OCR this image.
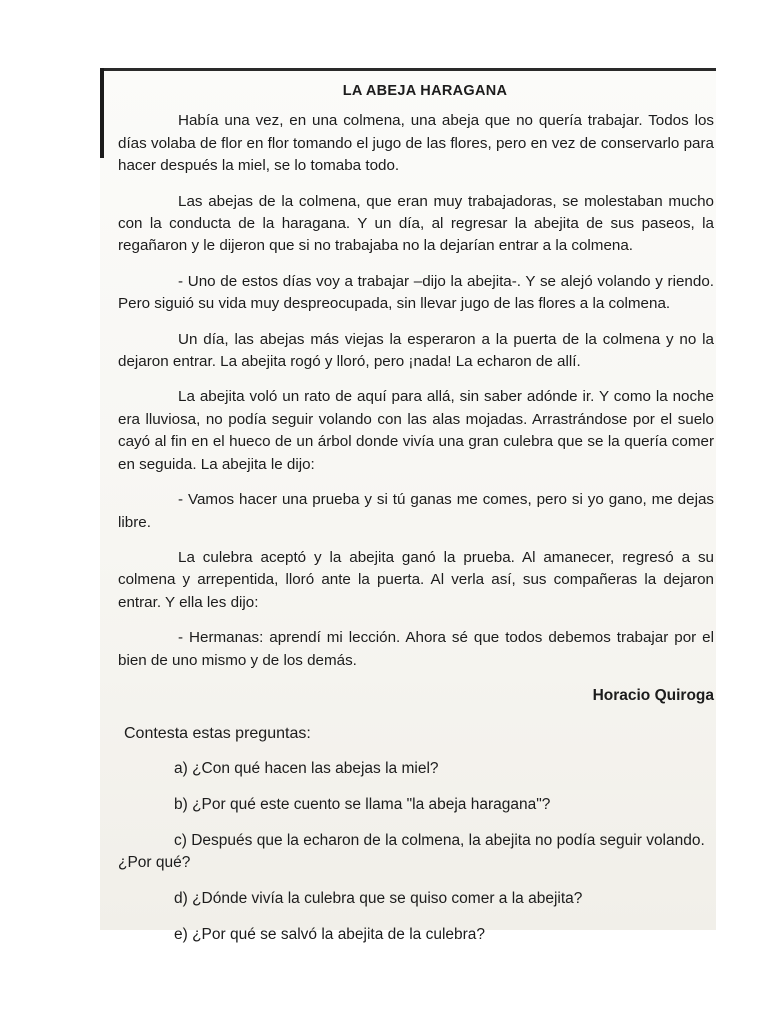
LA ABEJA HARAGANA

Había una vez, en una colmena, una abeja que no quería trabajar. Todos los días volaba de flor en flor tomando el jugo de las flores, pero en vez de conservarlo para hacer después la miel, se lo tomaba todo.

Las abejas de la colmena, que eran muy trabajadoras, se molestaban mucho con la conducta de la haragana. Y un día, al regresar la abejita de sus paseos, la regañaron y le dijeron que si no trabajaba no la dejarían entrar a la colmena.

- Uno de estos días voy a trabajar –dijo la abejita-. Y se alejó volando y riendo. Pero siguió su vida muy despreocupada, sin llevar jugo de las flores a la colmena.

Un día, las abejas más viejas la esperaron a la puerta de la colmena y no la dejaron entrar. La abejita rogó y lloró, pero ¡nada! La echaron de allí.

La abejita voló un rato de aquí para allá, sin saber adónde ir. Y como la noche era lluviosa, no podía seguir volando con las alas mojadas. Arrastrándose por el suelo cayó al fin en el hueco de un árbol donde vivía una gran culebra que se la quería comer en seguida. La abejita le dijo:

- Vamos hacer una prueba y si tú ganas me comes, pero si yo gano, me dejas libre.

La culebra aceptó y la abejita ganó la prueba. Al amanecer, regresó a su colmena y arrepentida, lloró ante la puerta. Al verla así, sus compañeras la dejaron entrar. Y ella les dijo:

- Hermanas: aprendí mi lección. Ahora sé que todos debemos trabajar por el bien de uno mismo y de los demás.

Horacio Quiroga
Contesta estas preguntas:
a) ¿Con qué hacen las abejas la miel?
b) ¿Por qué este cuento se llama "la abeja haragana"?
c) Después que la echaron de la colmena, la abejita no podía seguir volando. ¿Por qué?
d) ¿Dónde vivía la culebra que se quiso comer a la abejita?
e) ¿Por qué se salvó la abejita de la culebra?
